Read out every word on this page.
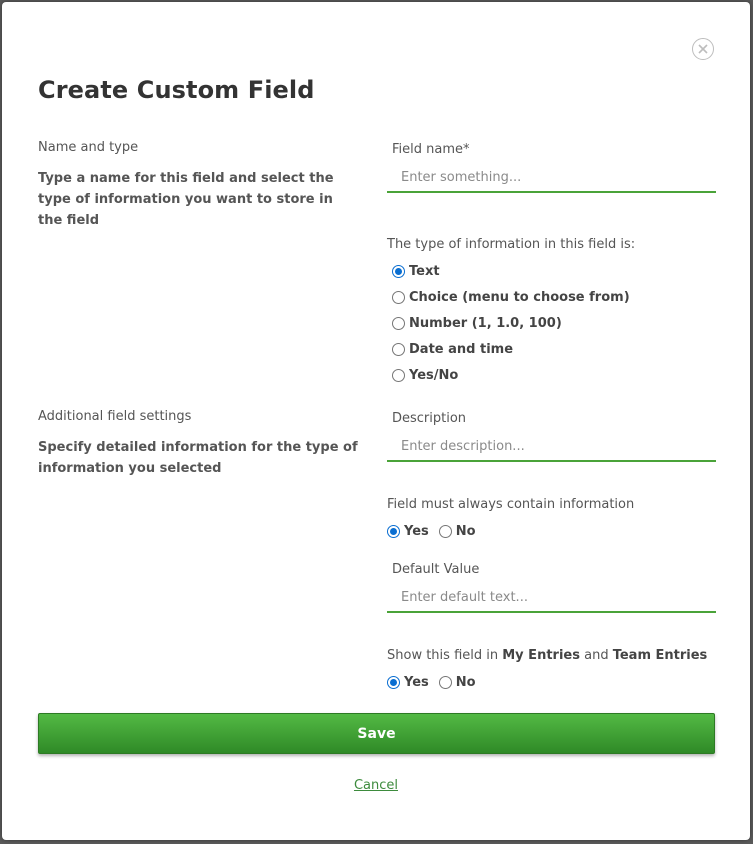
Create Custom Field
Name and type
Type a name for this field and select the type of information you want to store in the field
Field name*
Enter something...
The type of information in this field is:
Text
Choice (menu to choose from)
Number (1, 1.0, 100)
Date and time
Yes/No
Additional field settings
Specify detailed information for the type of information you selected
Description
Enter description...
Field must always contain information
Yes No
Default Value
Enter default text...
Show this field in My Entries and Team Entries
Yes No
Save
Cancel
